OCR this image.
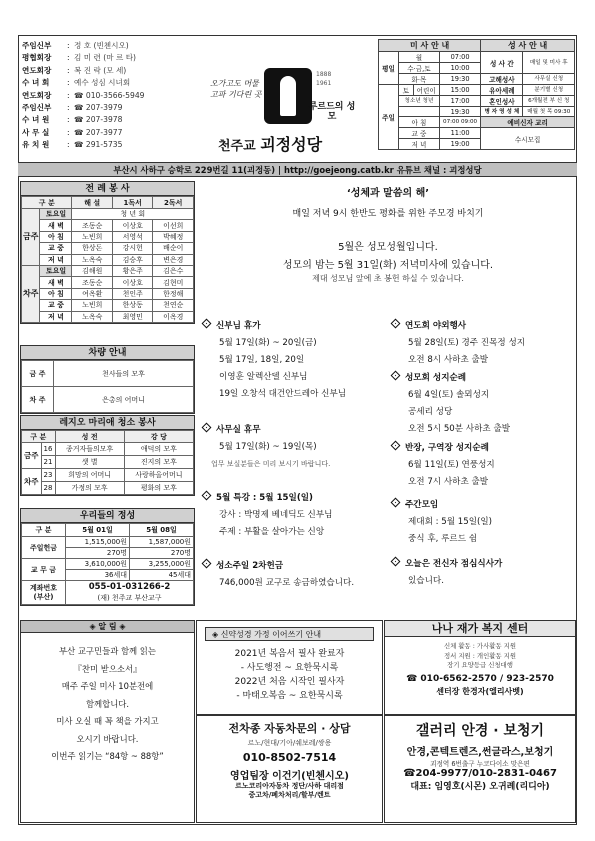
주임신부	: 정 호 (빈첸시오)
평협회장	: 김 미 련 (마 르 타)
연도회장	: 복 진 락 (모 세)
수 녀 회	: 예수 성심 시녀회
연도회장	: ☎ 010-3566-5949
주임신부	: ☎ 207-3979
수 녀 원	: ☎ 207-3978
사 무 실	: ☎ 207-3977
유 치 원	: ☎ 291-5735
오가고도 머물고파 기다린 곳
1888
1961
루르드의 성모
천주교 괴정성당
미 사 안 내	성 사 안 내
평일	월	07:00	성 사 간	매일 및 미사 후
수·금,토	10:00
화·목	19:30	고해성사	사무실 신청
주일	
토	어린이
	15:00	유아세례	분기별 신청
청소년 청년	17:00	혼인성사	6개월전 부 신 청
	19:30	병 자 영 성 체	매월 첫 목 09:30
아 침	07:00 09:00	예비신자 교리
교 중	11:00	수시모집
저 녁	19:00
부산시 사하구 승학로 229번길 11(괴정동) | http://goejeong.catb.kr 유튜브 채널 : 괴정성당
전 례 봉 사
구 분		해 설	1독서	2독서
금주	토요일	청 년 회		
	새 벽	조동순	이상호	이선희
	아 침	노빈희	서영석	박혜정
	교 중	한상돈	강시헌	배순이
	저 녁	노옥숙	김승후	변은경
차주	토요일	김해원	황은주	김은수
	새 벽	조동순	이상호	김현미
	아 침	여옥환	천인주	한정해
	교 중	노빈희	한상동	천연순
	저 녁	노옥숙	최영민	이옥경
차량 안내
금 주	천사들의 모후
차 주	은총의 어머니
레지오 마리애 청소 봉사
구 분		성 전	강 당
금주	16	종거자들의모후	애덕의 모후
	21	샛 별	진지의 모후
차주	23	희망의 어머니	사랑하올어머니
	28	가정의 모후	평화의 모후
우리들의 정성
구 분	5월 01일	5월 08일
주일헌금	1,515,000원	1,587,000원
	270명	270명
교 무 금	3,610,000원	3,255,000원
	36세대	45세대
계좌번호 (부산)	055-01-031266-2
(재) 천주교 부산교구	
‘성체과 말씀의 해’
매일 저녁 9시 한반도 평화를 위한 주모경 바치기
5월은 성모성월입니다.
성모의 밤는 5월 31일(화) 저녁미사에 있습니다.
제대 성모님 앞에 초 봉헌 하실 수 있습니다.
신부님 휴가
5월 17일(화) ~ 20일(금)
5월 17일, 18일, 20일
이영훈 알렉산델 신부님
19일 오창석 대건안드레아 신부님
사무실 휴무
5월 17일(화) ~ 19일(목)
업무 보실분들은 미리 보시기 바랍니다.
5월 특강 : 5월 15일(일)
강사 : 박명제 베네딕도 신부님
주제 : 부활을 살아가는 신앙
성소주일 2차헌금
746,000원 교구로 송금하였습니다.
연도회 야외행사
5월 28일(토) 경주 진목정 성지
오전 8시 사하초 출발
성모회 성지순례
6월 4일(토) 솔뫼성지
공세리 성당
오전 5시 50분 사하초 출발
반장, 구역장 성지순례
6월 11일(토) 연풍성지
오전 7시 사하초 출발
주간모임
제대회 : 5월 15일(일)
중식 후, 루르드 쉼
오늘은 전신자 점심식사가
있습니다.
◈ 알 림 ◈
부산 교구민들과 함께 읽는
『찬미 받으소서』
매주 주일 미사 10분전에
함께합니다.
미사 오실 때 꼭 책을 가지고
오시기 바랍니다.
이번주 읽기는 “84항 ~ 88항”
◈ 신약성경 가정 이어쓰기 안내
2021년 복음서 필사 완료자
- 사도행전 ~ 요한묵시록
2022년 처음 시작인 필사자
- 마태오복음 ~ 요한묵시록
전차종 자동차문의 · 상담
르노/현대/기아/쉐보레/쌍용
010-8502-7514
영업팀장 이건기(빈첸시오)
르노코리아자동차 정단/사하 대리점
중고차/폐차처리/할부/렌트
나나 재가 복지 센터
신체 활동 : 가사활동 지원
정서 지원 : 개인활동 지원
장기 요양등급 신청대행
☎ 010-6562-2570 / 923-2570
센터장 한경자(엘리사벳)
갤러리 안경 · 보청기
안경,콘텍트렌즈,썬글라스,보청기
괴정역 6번출구 누코다이소 맞은편
☎204-9977/010-2831-0467
대표: 임영호(시몬) 오귀례(리디아)
